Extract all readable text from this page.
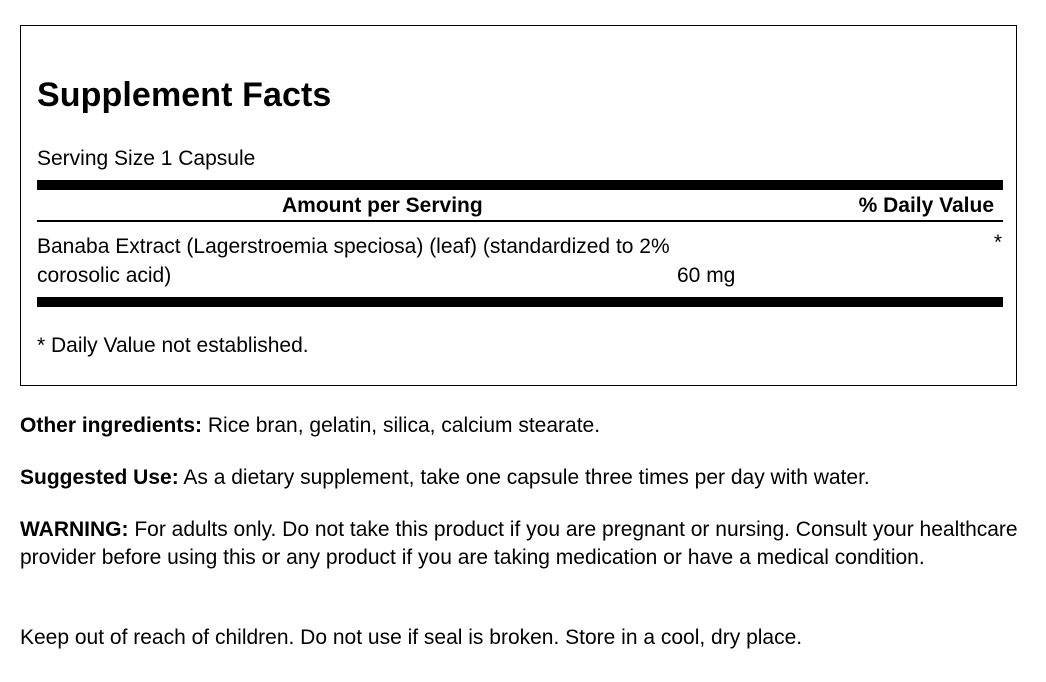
Supplement Facts
Serving Size 1 Capsule
Amount per Serving	% Daily Value
Banaba Extract (Lagerstroemia speciosa) (leaf) (standardized to 2% corosolic acid)	60 mg
*
* Daily Value not established.

Other ingredients: Rice bran, gelatin, silica, calcium stearate.

Suggested Use: As a dietary supplement, take one capsule three times per day with water.

WARNING: For adults only. Do not take this product if you are pregnant or nursing. Consult your healthcare provider before using this or any product if you are taking medication or have a medical condition.

Keep out of reach of children. Do not use if seal is broken. Store in a cool, dry place.
